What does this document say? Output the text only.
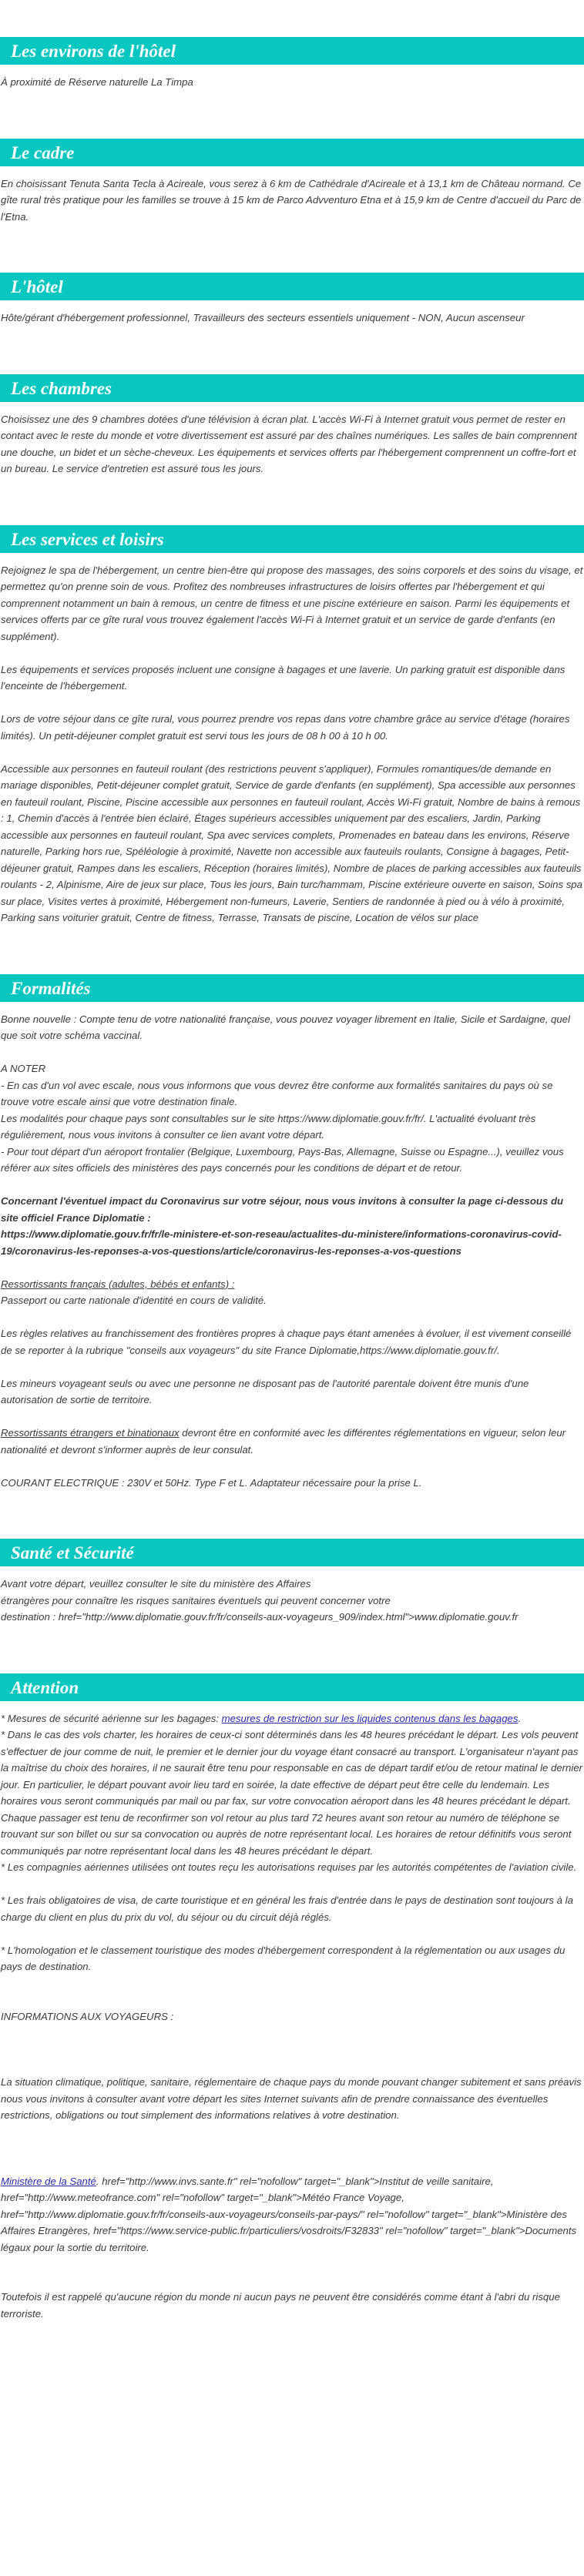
Les environs de l'hôtel

À proximité de Réserve naturelle La Timpa

Le cadre

En choisissant Tenuta Santa Tecla à Acireale, vous serez à 6 km de Cathédrale d'Acireale et à 13,1 km de Château normand. Ce gîte rural très pratique pour les familles se trouve à 15 km de Parco Advventuro Etna et à 15,9 km de Centre d'accueil du Parc de l'Etna.

L'hôtel

Hôte/gérant d'hébergement professionnel, Travailleurs des secteurs essentiels uniquement - NON, Aucun ascenseur

Les chambres

Choisissez une des 9 chambres dotées d'une télévision à écran plat. L'accès Wi-Fi à Internet gratuit vous permet de rester en contact avec le reste du monde et votre divertissement est assuré par des chaînes numériques. Les salles de bain comprennent une douche, un bidet et un sèche-cheveux. Les équipements et services offerts par l'hébergement comprennent un coffre-fort et un bureau. Le service d'entretien est assuré tous les jours.

Les services et loisirs

Rejoignez le spa de l'hébergement, un centre bien-être qui propose des massages, des soins corporels et des soins du visage, et permettez qu'on prenne soin de vous. Profitez des nombreuses infrastructures de loisirs offertes par l'hébergement et qui comprennent notamment un bain à remous, un centre de fitness et une piscine extérieure en saison. Parmi les équipements et services offerts par ce gîte rural vous trouvez également l'accès Wi-Fi à Internet gratuit et un service de garde d'enfants (en supplément).

Les équipements et services proposés incluent une consigne à bagages et une laverie. Un parking gratuit est disponible dans l'enceinte de l'hébergement.

Lors de votre séjour dans ce gîte rural, vous pourrez prendre vos repas dans votre chambre grâce au service d'étage (horaires limités). Un petit-déjeuner complet gratuit est servi tous les jours de 08 h 00 à 10 h 00.

Accessible aux personnes en fauteuil roulant (des restrictions peuvent s'appliquer), Formules romantiques/de demande en mariage disponibles, Petit-déjeuner complet gratuit, Service de garde d'enfants (en supplément), Spa accessible aux personnes en fauteuil roulant, Piscine, Piscine accessible aux personnes en fauteuil roulant, Accès Wi-Fi gratuit, Nombre de bains à remous : 1, Chemin d'accès à l'entrée bien éclairé, Étages supérieurs accessibles uniquement par des escaliers, Jardin, Parking accessible aux personnes en fauteuil roulant, Spa avec services complets, Promenades en bateau dans les environs, Réserve naturelle, Parking hors rue, Spéléologie à proximité, Navette non accessible aux fauteuils roulants, Consigne à bagages, Petit-déjeuner gratuit, Rampes dans les escaliers, Réception (horaires limités), Nombre de places de parking accessibles aux fauteuils roulants - 2, Alpinisme, Aire de jeux sur place, Tous les jours, Bain turc/hammam, Piscine extérieure ouverte en saison, Soins spa sur place, Visites vertes à proximité, Hébergement non-fumeurs, Laverie, Sentiers de randonnée à pied ou à vélo à proximité, Parking sans voiturier gratuit, Centre de fitness, Terrasse, Transats de piscine, Location de vélos sur place

Formalités

Bonne nouvelle : Compte tenu de votre nationalité française, vous pouvez voyager librement en Italie, Sicile et Sardaigne, quel que soit votre schéma vaccinal.

A NOTER

- En cas d'un vol avec escale, nous vous informons que vous devrez être conforme aux formalités sanitaires du pays où se trouve votre escale ainsi que votre destination finale.

Les modalités pour chaque pays sont consultables sur le site https://www.diplomatie.gouv.fr/fr/. L'actualité évoluant très régulièrement, nous vous invitons à consulter ce lien avant votre départ.

- Pour tout départ d'un aéroport frontalier (Belgique, Luxembourg, Pays-Bas, Allemagne, Suisse ou Espagne...), veuillez vous référer aux sites officiels des ministères des pays concernés pour les conditions de départ et de retour.

Concernant l'éventuel impact du Coronavirus sur votre séjour, nous vous invitons à consulter la page ci-dessous du site officiel France Diplomatie :
https://www.diplomatie.gouv.fr/fr/le-ministere-et-son-reseau/actualites-du-ministere/informations-coronavirus-covid-19/coronavirus-les-reponses-a-vos-questions/article/coronavirus-les-reponses-a-vos-questions

Ressortissants français (adultes, bébés et enfants) :

Passeport ou carte nationale d'identité en cours de validité.

Les règles relatives au franchissement des frontières propres à chaque pays étant amenées à évoluer, il est vivement conseillé de se reporter à la rubrique "conseils aux voyageurs" du site France Diplomatie,https://www.diplomatie.gouv.fr/.

Les mineurs voyageant seuls ou avec une personne ne disposant pas de l'autorité parentale doivent être munis d'une autorisation de sortie de territoire.

Ressortissants étrangers et binationaux devront être en conformité avec les différentes réglementations en vigueur, selon leur nationalité et devront s'informer auprès de leur consulat.

COURANT ELECTRIQUE : 230V et 50Hz. Type F et L. Adaptateur nécessaire pour la prise L.

Santé et Sécurité

Avant votre départ, veuillez consulter le site du ministère des Affaires

étrangères pour connaître les risques sanitaires éventuels qui peuvent concerner votre

destination : href="http://www.diplomatie.gouv.fr/fr/conseils-aux-voyageurs_909/index.html">www.diplomatie.gouv.fr

Attention

* Mesures de sécurité aérienne sur les bagages: mesures de restriction sur les liquides contenus dans les bagages.

* Dans le cas des vols charter, les horaires de ceux-ci sont déterminés dans les 48 heures précédant le départ. Les vols peuvent s'effectuer de jour comme de nuit, le premier et le dernier jour du voyage étant consacré au transport. L'organisateur n'ayant pas la maîtrise du choix des horaires, il ne saurait être tenu pour responsable en cas de départ tardif et/ou de retour matinal le dernier jour. En particulier, le départ pouvant avoir lieu tard en soirée, la date effective de départ peut être celle du lendemain. Les horaires vous seront communiqués par mail ou par fax, sur votre convocation aéroport dans les 48 heures précédant le départ. Chaque passager est tenu de reconfirmer son vol retour au plus tard 72 heures avant son retour au numéro de téléphone se trouvant sur son billet ou sur sa convocation ou auprès de notre représentant local. Les horaires de retour définitifs vous seront communiqués par notre représentant local dans les 48 heures précédant le départ.

* Les compagnies aériennes utilisées ont toutes reçu les autorisations requises par les autorités compétentes de l'aviation civile.

* Les frais obligatoires de visa, de carte touristique et en général les frais d'entrée dans le pays de destination sont toujours à la charge du client en plus du prix du vol, du séjour ou du circuit déjà réglés.

* L'homologation et le classement touristique des modes d'hébergement correspondent à la réglementation ou aux usages du pays de destination.

INFORMATIONS AUX VOYAGEURS :

La situation climatique, politique, sanitaire, réglementaire de chaque pays du monde pouvant changer subitement et sans préavis

nous vous invitons à consulter avant votre départ les sites Internet suivants afin de prendre connaissance des éventuelles restrictions, obligations ou tout simplement des informations relatives à votre destination.

Ministère de la Santé. href="http://www.invs.sante.fr" rel="nofollow" target="_blank">Institut de veille sanitaire, href="http://www.meteofrance.com" rel="nofollow" target="_blank">Météo France Voyage, href="http://www.diplomatie.gouv.fr/fr/conseils-aux-voyageurs/conseils-par-pays/" rel="nofollow" target="_blank">Ministère des Affaires Etrangères, href="https://www.service-public.fr/particuliers/vosdroits/F32833" rel="nofollow" target="_blank">Documents légaux pour la sortie du territoire.

Toutefois il est rappelé qu'aucune région du monde ni aucun pays ne peuvent être considérés comme étant à l'abri du risque terroriste.
